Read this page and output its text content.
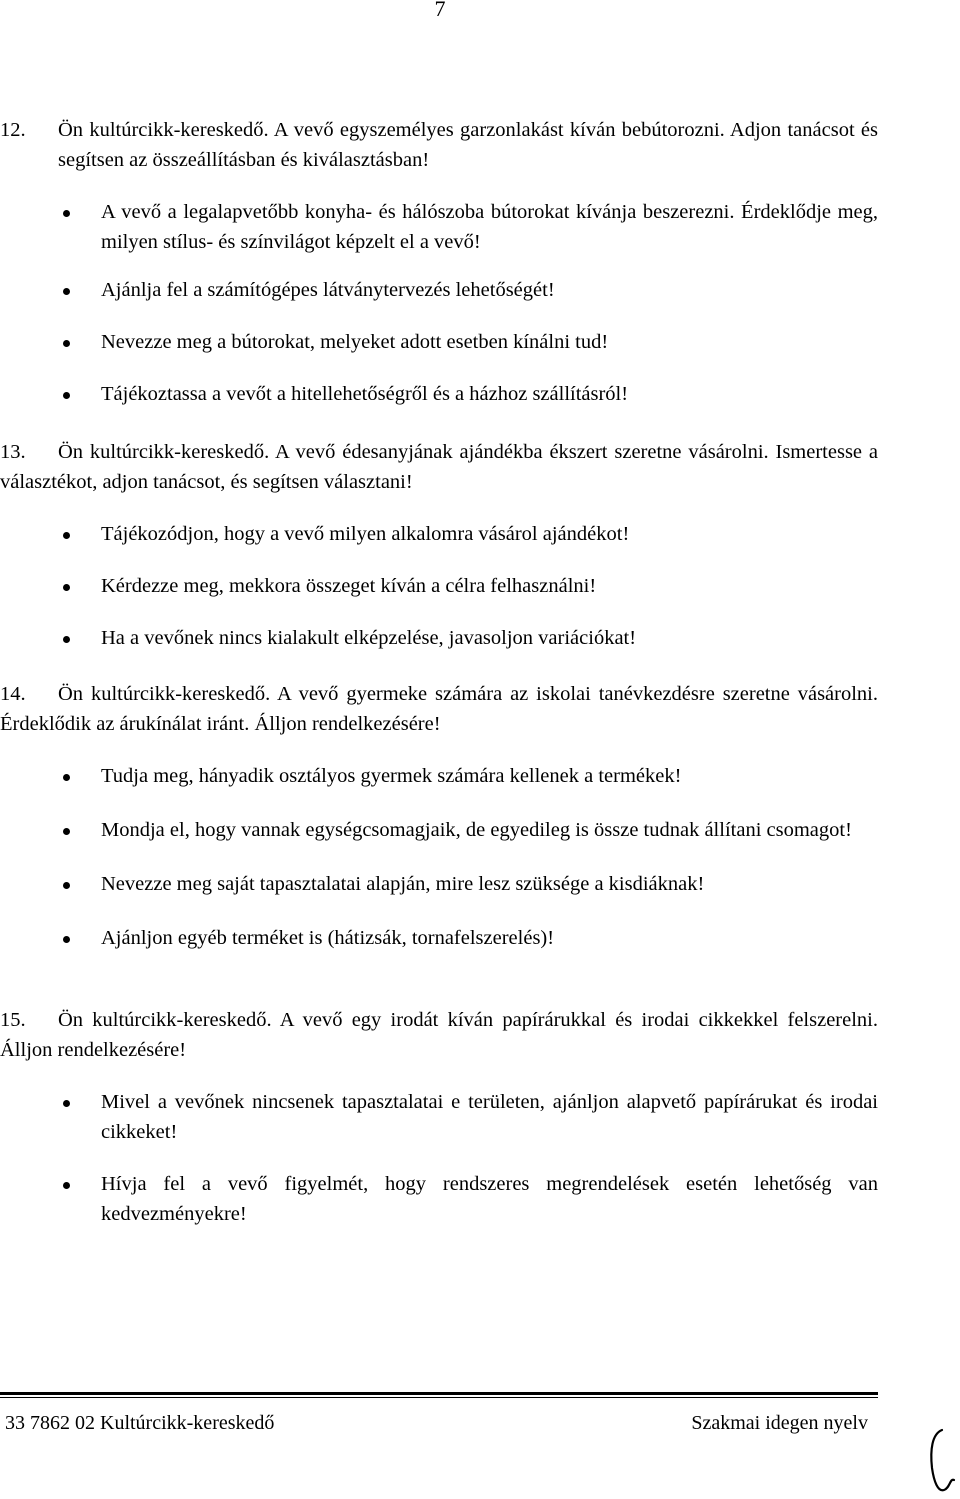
7
12. Ön kultúrcikk-kereskedő. A vevő egyszemélyes garzonlakást kíván bebútorozni. Adjon tanácsot és segítsen az összeállításban és kiválasztásban!
A vevő a legalapvetőbb konyha- és hálószoba bútorokat kívánja beszerezni. Érdeklődje meg, milyen stílus- és színvilágot képzelt el a vevő!
Ajánlja fel a számítógépes látványtervezés lehetőségét!
Nevezze meg a bútorokat, melyeket adott esetben kínálni tud!
Tájékoztassa a vevőt a hitellehetőségről és a házhoz szállításról!
13. Ön kultúrcikk-kereskedő. A vevő édesanyjának ajándékba ékszert szeretne vásárolni. Ismertesse a választékot, adjon tanácsot, és segítsen választani!
Tájékozódjon, hogy a vevő milyen alkalomra vásárol ajándékot!
Kérdezze meg, mekkora összeget kíván a célra felhasználni!
Ha a vevőnek nincs kialakult elképzelése, javasoljon variációkat!
14. Ön kultúrcikk-kereskedő. A vevő gyermeke számára az iskolai tanévkezdésre szeretne vásárolni. Érdeklődik az árukínálat iránt. Álljon rendelkezésére!
Tudja meg, hányadik osztályos gyermek számára kellenek a termékek!
Mondja el, hogy vannak egységcsomagjaik, de egyedileg is össze tudnak állítani csomagot!
Nevezze meg saját tapasztalatai alapján, mire lesz szüksége a kisdiáknak!
Ajánljon egyéb terméket is (hátizsák, tornafelszerelés)!
15. Ön kultúrcikk-kereskedő. A vevő egy irodát kíván papírárukkal és irodai cikkekkel felszerelni. Álljon rendelkezésére!
Mivel a vevőnek nincsenek tapasztalatai e területen, ajánljon alapvető papírárukat és irodai cikkeket!
Hívja fel a vevő figyelmét, hogy rendszeres megrendelések esetén lehetőség van kedvezményekre!
33 7862 02 Kultúrcikk-kereskedő	Szakmai idegen nyelv
